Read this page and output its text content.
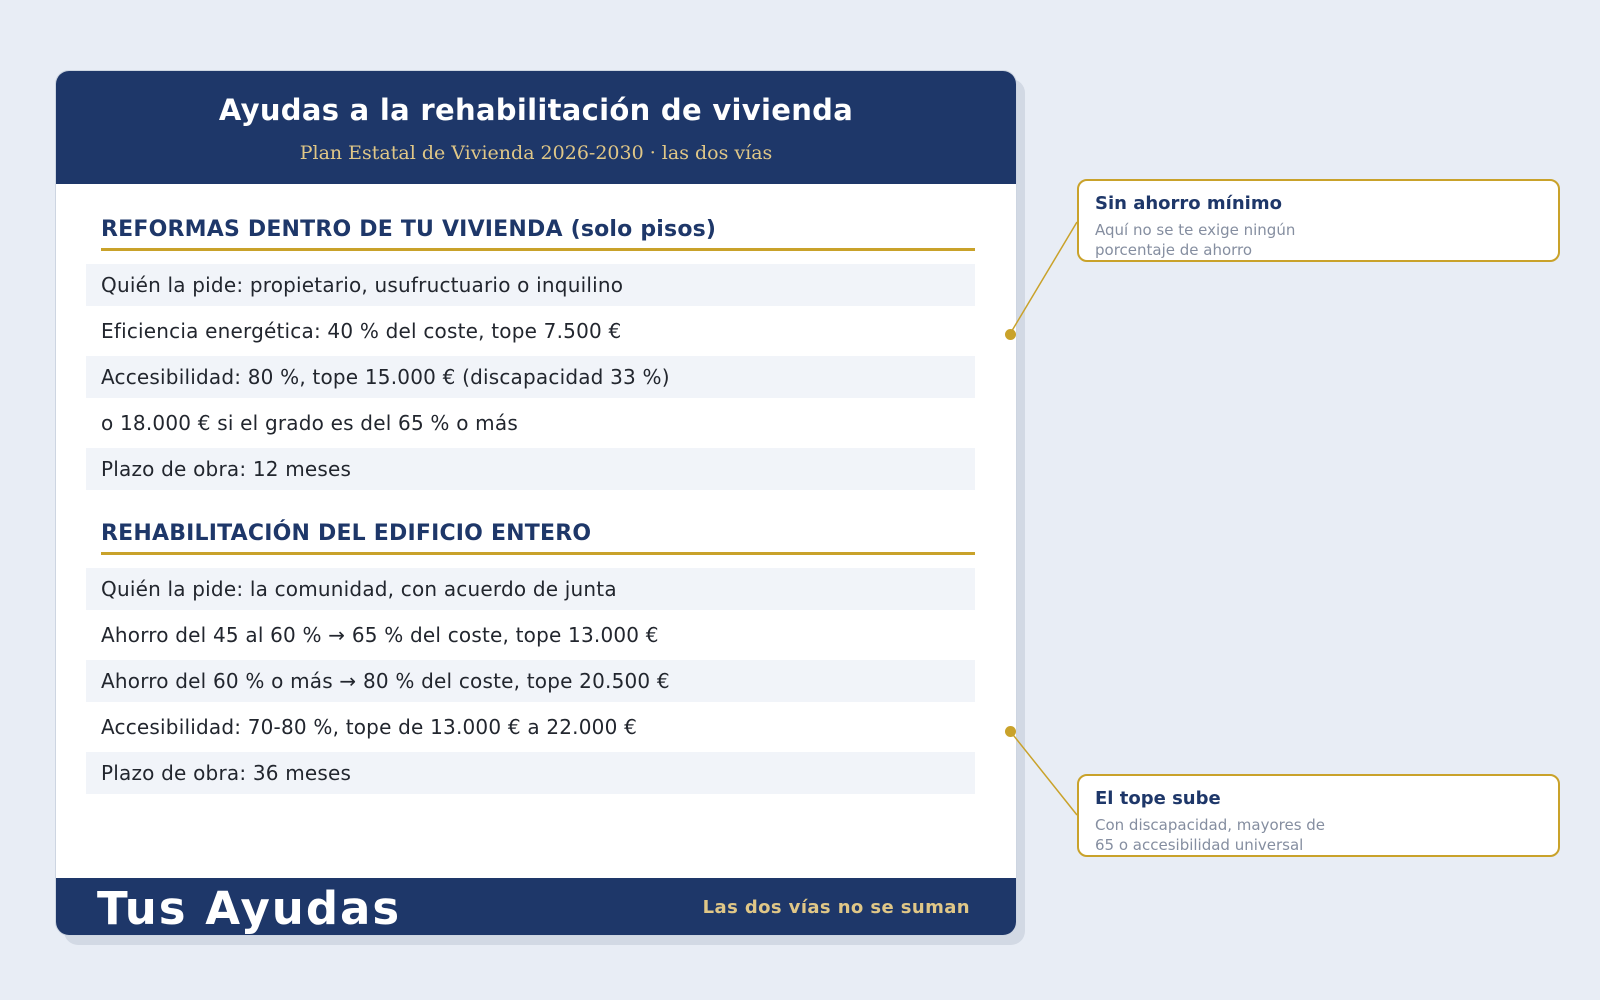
Ayudas a la rehabilitación de vivienda
Plan Estatal de Vivienda 2026-2030 · las dos vías
REFORMAS DENTRO DE TU VIVIENDA (solo pisos)
Quién la pide: propietario, usufructuario o inquilino
Eficiencia energética: 40 % del coste, tope 7.500 €
Accesibilidad: 80 %, tope 15.000 € (discapacidad 33 %)
o 18.000 € si el grado es del 65 % o más
Plazo de obra: 12 meses
REHABILITACIÓN DEL EDIFICIO ENTERO
Quién la pide: la comunidad, con acuerdo de junta
Ahorro del 45 al 60 % → 65 % del coste, tope 13.000 €
Ahorro del 60 % o más → 80 % del coste, tope 20.500 €
Accesibilidad: 70-80 %, tope de 13.000 € a 22.000 €
Plazo de obra: 36 meses
Tus Ayudas	Las dos vías no se suman
Sin ahorro mínimo
Aquí no se te exige ningún porcentaje de ahorro
El tope sube
Con discapacidad, mayores de 65 o accesibilidad universal
